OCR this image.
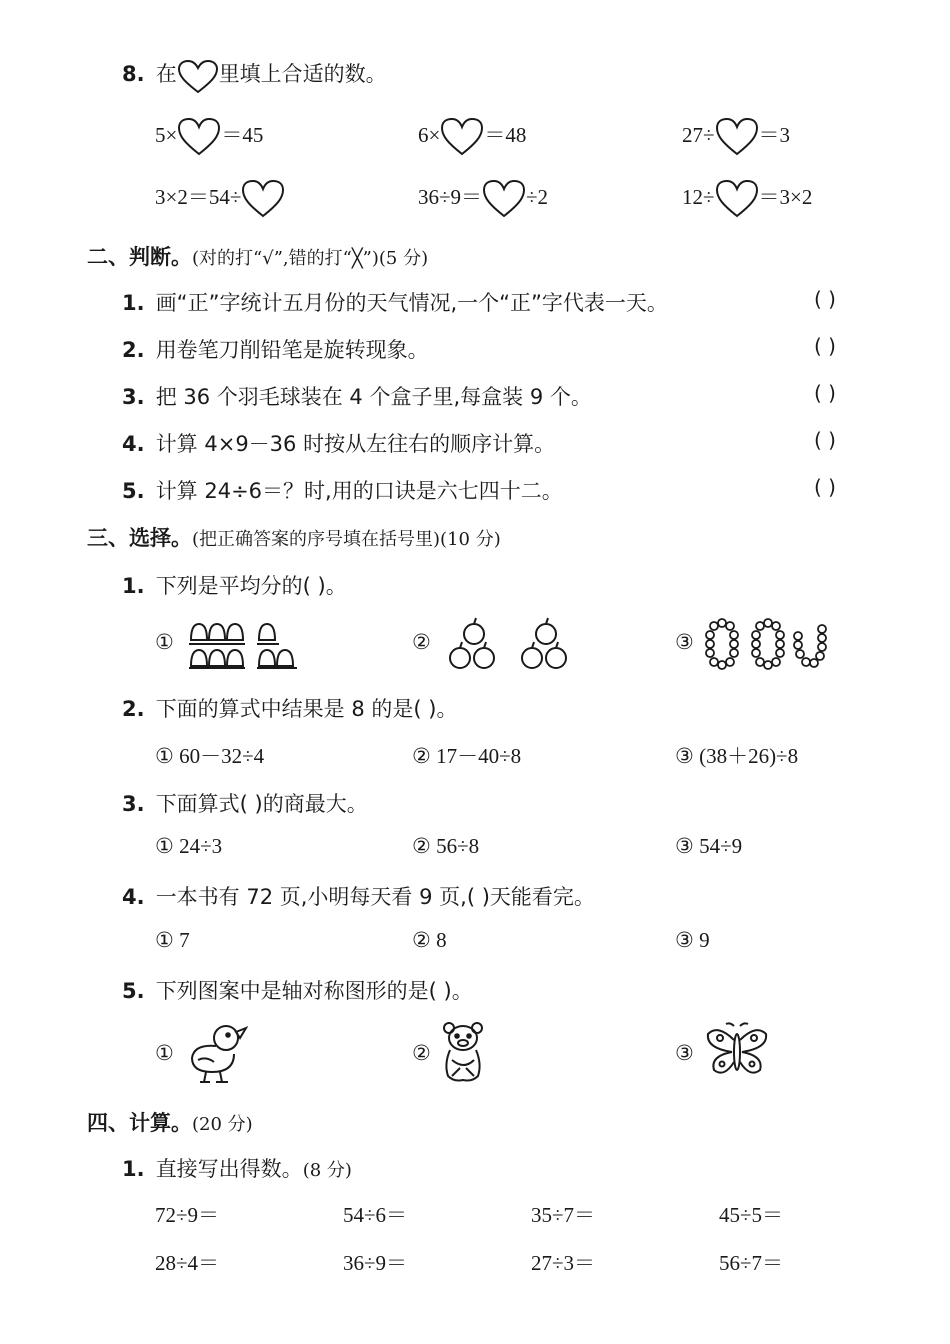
8. 在 里填上合适的数。
5× ＝45	6× ＝48	27÷ ＝3
3×2＝54÷	36÷9＝ ÷2	12÷ ＝3×2
二、判断。(对的打“√”,错的打“╳”)(5 分)
1. 画“正”字统计五月份的天气情况,一个“正”字代表一天。	( )
2. 用卷笔刀削铅笔是旋转现象。	( )
3. 把 36 个羽毛球装在 4 个盒子里,每盒装 9 个。	( )
4. 计算 4×9－36 时按从左往右的顺序计算。	( )
5. 计算 24÷6＝？时,用的口诀是六七四十二。	( )
三、选择。(把正确答案的序号填在括号里)(10 分)
1. 下列是平均分的( )。
①	②	③
2. 下面的算式中结果是 8 的是( )。
① 60－32÷4	② 17－40÷8	③ (38＋26)÷8
3. 下面算式( )的商最大。
① 24÷3	② 56÷8	③ 54÷9
4. 一本书有 72 页,小明每天看 9 页,( )天能看完。
① 7	② 8	③ 9
5. 下列图案中是轴对称图形的是( )。
①	②	③
四、计算。(20 分)
1. 直接写出得数。(8 分)
72÷9＝	54÷6＝	35÷7＝	45÷5＝
28÷4＝	36÷9＝	27÷3＝	56÷7＝
